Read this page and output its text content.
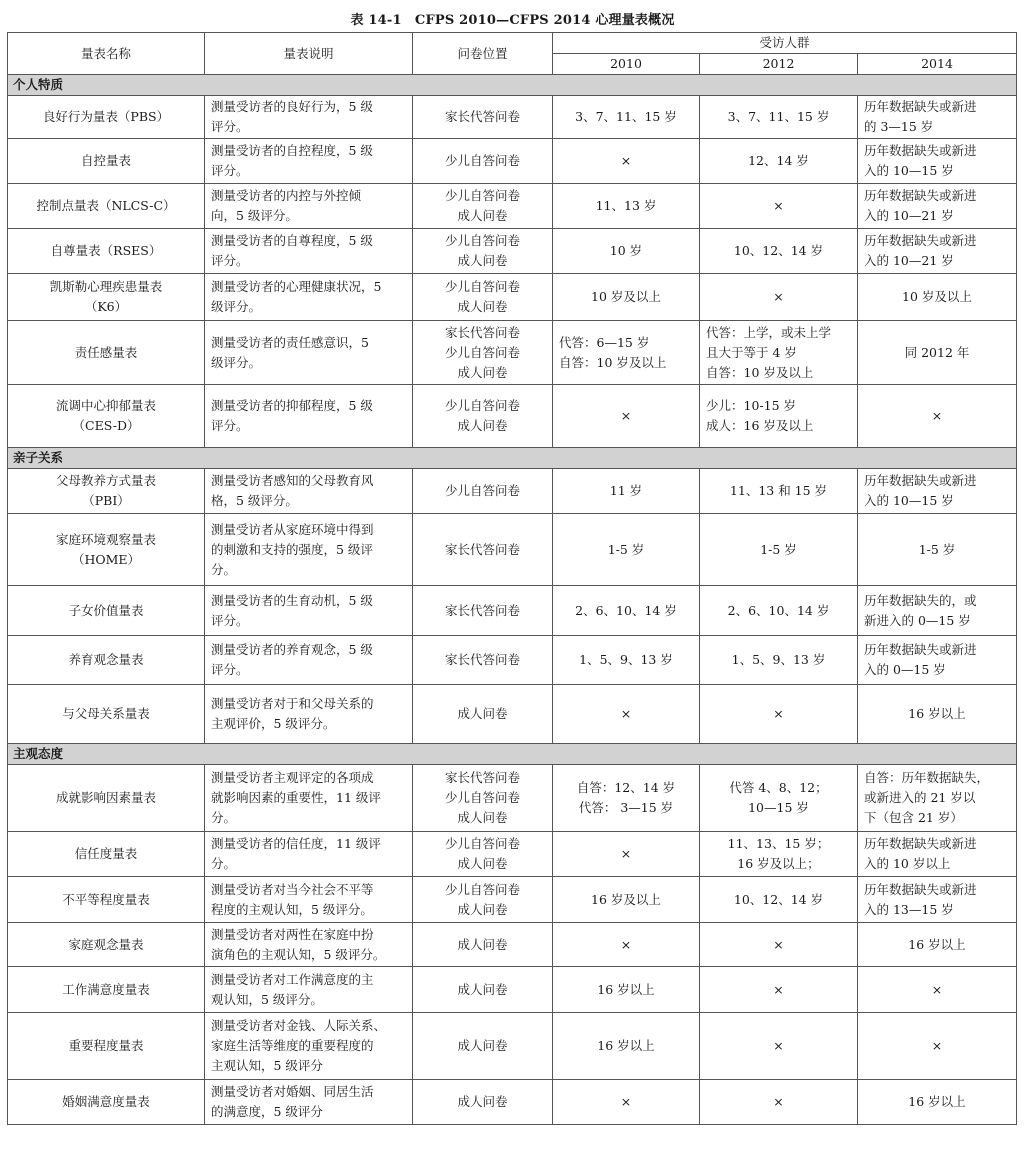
表 14-1　CFPS 2010—CFPS 2014 心理量表概况
量表名称	量表说明	问卷位置	受访人群		
			2010	2012	2014
个人特质					

良好行为量表（PBS）	测量受访者的良好行为，5 级
评分。	家长代答问卷	3、7、11、15 岁	3、7、11、15 岁	历年数据缺失或新进
的 3—15 岁

自控量表	测量受访者的自控程度，5 级
评分。	少儿自答问卷	×	12、14 岁	历年数据缺失或新进
入的 10—15 岁

控制点量表（NLCS-C）	测量受访者的内控与外控倾
向，5 级评分。	少儿自答问卷
成人问卷	11、13 岁	×	历年数据缺失或新进
入的 10—21 岁

自尊量表（RSES）	测量受访者的自尊程度，5 级
评分。	少儿自答问卷
成人问卷	10 岁	10、12、14 岁	历年数据缺失或新进
入的 10—21 岁

凯斯勒心理疾患量表
（K6）	测量受访者的心理健康状况，5
级评分。	少儿自答问卷
成人问卷	10 岁及以上	×	10 岁及以上

责任感量表	测量受访者的责任感意识，5
级评分。	家长代答问卷
少儿自答问卷
成人问卷	代答：6—15 岁
自答：10 岁及以上	代答：上学，或未上学
且大于等于 4 岁
自答：10 岁及以上	同 2012 年

流调中心抑郁量表
（CES-D）	测量受访者的抑郁程度，5 级
评分。	少儿自答问卷
成人问卷	×	少儿：10-15 岁
成人：16 岁及以上	×

亲子关系					

父母教养方式量表
（PBI）	测量受访者感知的父母教育风
格，5 级评分。	少儿自答问卷	11 岁	11、13 和 15 岁	历年数据缺失或新进
入的 10—15 岁

家庭环境观察量表
（HOME）	测量受访者从家庭环境中得到
的刺激和支持的强度，5 级评
分。	家长代答问卷	1-5 岁	1-5 岁	1-5 岁

子女价值量表	测量受访者的生育动机，5 级
评分。	家长代答问卷	2、6、10、14 岁	2、6、10、14 岁	历年数据缺失的，或
新进入的 0—15 岁

养育观念量表	测量受访者的养育观念，5 级
评分。	家长代答问卷	1、5、9、13 岁	1、5、9、13 岁	历年数据缺失或新进
入的 0—15 岁

与父母关系量表	测量受访者对于和父母关系的
主观评价，5 级评分。	成人问卷	×	×	16 岁以上

主观态度					

成就影响因素量表	测量受访者主观评定的各项成
就影响因素的重要性，11 级评
分。	家长代答问卷
少儿自答问卷
成人问卷	自答：12、14 岁
代答： 3—15 岁	代答 4、8、12；
10—15 岁	自答：历年数据缺失，
或新进入的 21 岁以
下（包含 21 岁）

信任度量表	测量受访者的信任度，11 级评
分。	少儿自答问卷
成人问卷	×	11、13、15 岁；
16 岁及以上；	历年数据缺失或新进
入的 10 岁以上

不平等程度量表	测量受访者对当今社会不平等
程度的主观认知，5 级评分。	少儿自答问卷
成人问卷	16 岁及以上	10、12、14 岁	历年数据缺失或新进
入的 13—15 岁

家庭观念量表	测量受访者对两性在家庭中扮
演角色的主观认知，5 级评分。	成人问卷	×	×	16 岁以上

工作满意度量表	测量受访者对工作满意度的主
观认知，5 级评分。	成人问卷	16 岁以上	×	×

重要程度量表	测量受访者对金钱、人际关系、
家庭生活等维度的重要程度的
主观认知，5 级评分	成人问卷	16 岁以上	×	×

婚姻满意度量表	测量受访者对婚姻、同居生活
的满意度，5 级评分	成人问卷	×	×	16 岁以上
